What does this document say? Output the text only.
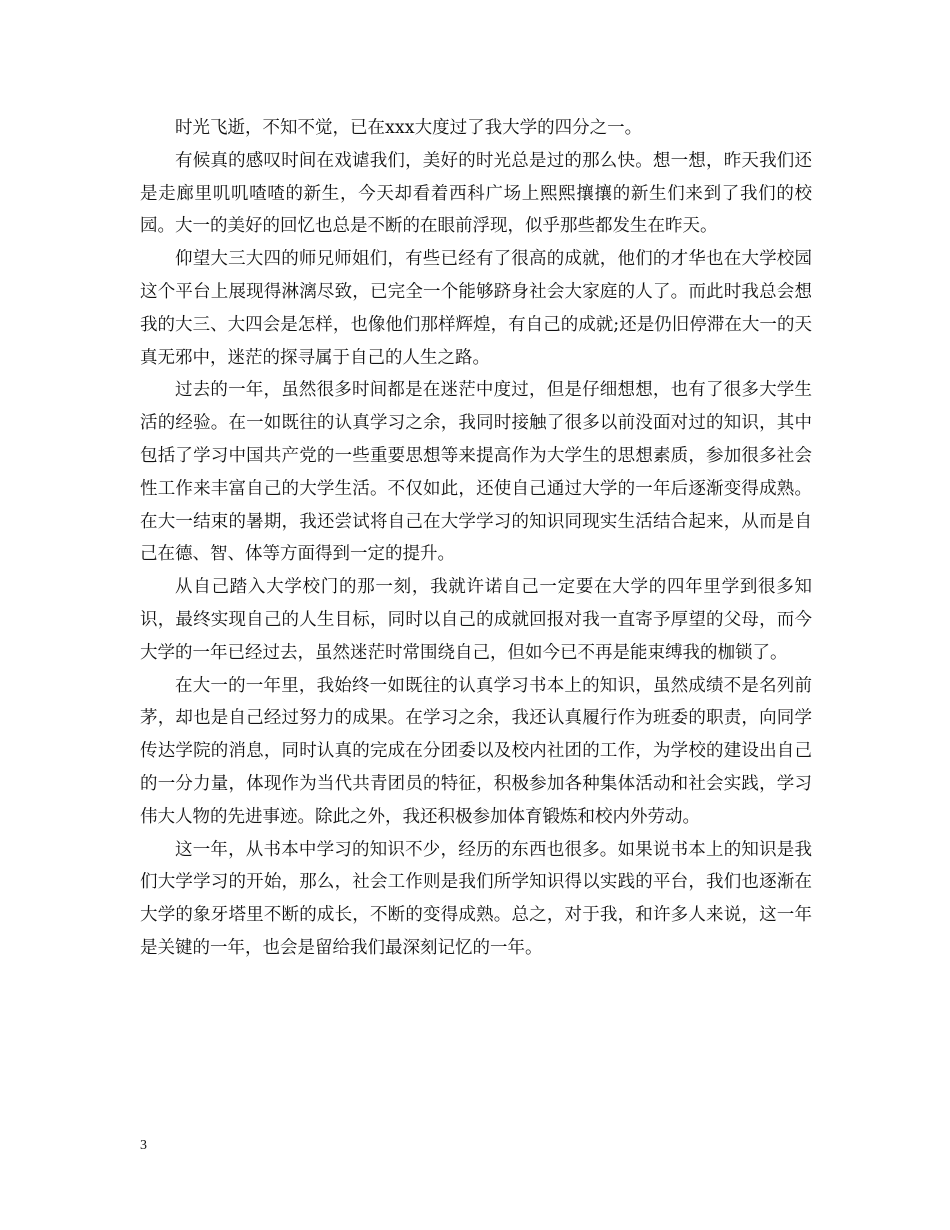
时光飞逝，不知不觉，已在xxx大度过了我大学的四分之一。

有候真的感叹时间在戏谑我们，美好的时光总是过的那么快。想一想，昨天我们还是走廊里叽叽喳喳的新生，今天却看着西科广场上熙熙攘攘的新生们来到了我们的校园。大一的美好的回忆也总是不断的在眼前浮现，似乎那些都发生在昨天。

仰望大三大四的师兄师姐们，有些已经有了很高的成就，他们的才华也在大学校园这个平台上展现得淋漓尽致，已完全一个能够跻身社会大家庭的人了。而此时我总会想我的大三、大四会是怎样，也像他们那样辉煌，有自己的成就;还是仍旧停滞在大一的天真无邪中，迷茫的探寻属于自己的人生之路。

过去的一年，虽然很多时间都是在迷茫中度过，但是仔细想想，也有了很多大学生活的经验。在一如既往的认真学习之余，我同时接触了很多以前没面对过的知识，其中包括了学习中国共产党的一些重要思想等来提高作为大学生的思想素质，参加很多社会性工作来丰富自己的大学生活。不仅如此，还使自己通过大学的一年后逐渐变得成熟。在大一结束的暑期，我还尝试将自己在大学学习的知识同现实生活结合起来，从而是自己在德、智、体等方面得到一定的提升。

从自己踏入大学校门的那一刻，我就许诺自己一定要在大学的四年里学到很多知识，最终实现自己的人生目标，同时以自己的成就回报对我一直寄予厚望的父母，而今大学的一年已经过去，虽然迷茫时常围绕自己，但如今已不再是能束缚我的枷锁了。

在大一的一年里，我始终一如既往的认真学习书本上的知识，虽然成绩不是名列前茅，却也是自己经过努力的成果。在学习之余，我还认真履行作为班委的职责，向同学传达学院的消息，同时认真的完成在分团委以及校内社团的工作，为学校的建设出自己的一分力量，体现作为当代共青团员的特征，积极参加各种集体活动和社会实践，学习伟大人物的先进事迹。除此之外，我还积极参加体育锻炼和校内外劳动。

这一年，从书本中学习的知识不少，经历的东西也很多。如果说书本上的知识是我们大学学习的开始，那么，社会工作则是我们所学知识得以实践的平台，我们也逐渐在大学的象牙塔里不断的成长，不断的变得成熟。总之，对于我，和许多人来说，这一年是关键的一年，也会是留给我们最深刻记忆的一年。

3
